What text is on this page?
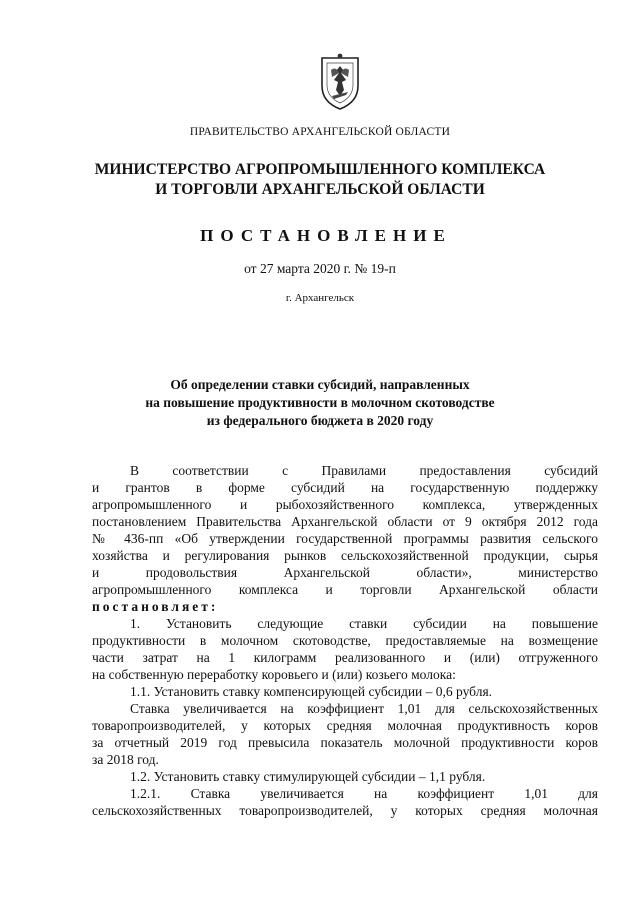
ПРАВИТЕЛЬСТВО АРХАНГЕЛЬСКОЙ ОБЛАСТИ
МИНИСТЕРСТВО АГРОПРОМЫШЛЕННОГО КОМПЛЕКСА
И ТОРГОВЛИ АРХАНГЕЛЬСКОЙ ОБЛАСТИ
ПОСТАНОВЛЕНИЕ
от 27 марта 2020 г. № 19-п
г. Архангельск
Об определении ставки субсидий, направленных
на повышение продуктивности в молочном скотоводстве
из федерального бюджета в 2020 году

В соответствии с Правилами предоставления субсидий

и грантов в форме субсидий на государственную поддержку

агропромышленного и рыбохозяйственного комплекса, утвержденных

постановлением Правительства Архангельской области от 9 октября 2012 года

№ 436-пп «Об утверждении государственной программы развития сельского

хозяйства и регулирования рынков сельскохозяйственной продукции, сырья

и продовольствия Архангельской области», министерство

агропромышленного комплекса и торговли Архангельской области

постановляет:

1. Установить следующие ставки субсидии на повышение

продуктивности в молочном скотоводстве, предоставляемые на возмещение

части затрат на 1 килограмм реализованного и (или) отгруженного

на собственную переработку коровьего и (или) козьего молока:

1.1. Установить ставку компенсирующей субсидии – 0,6 рубля.

Ставка увеличивается на коэффициент 1,01 для сельскохозяйственных

товаропроизводителей, у которых средняя молочная продуктивность коров

за отчетный 2019 год превысила показатель молочной продуктивности коров

за 2018 год.

1.2. Установить ставку стимулирующей субсидии – 1,1 рубля.

1.2.1. Ставка увеличивается на коэффициент 1,01 для

сельскохозяйственных товаропроизводителей, у которых средняя молочная
